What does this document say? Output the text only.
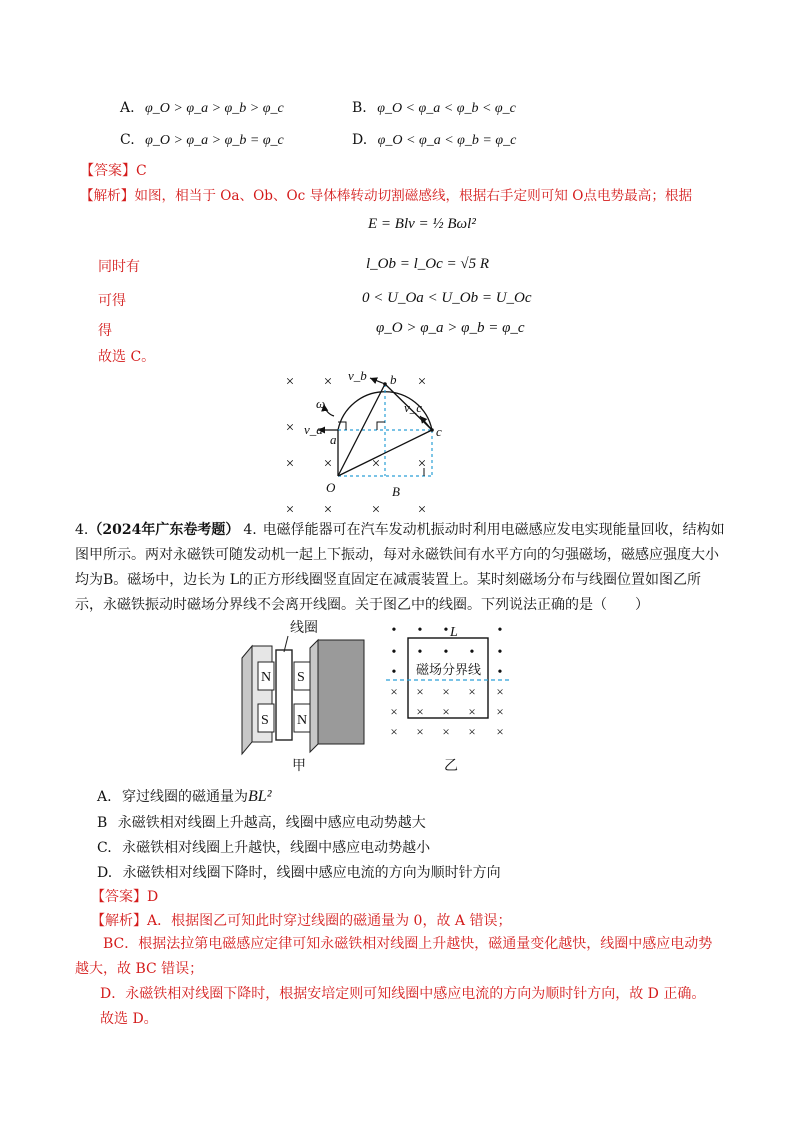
A. φ_O > φ_a > φ_b > φ_c	B. φ_O < φ_a < φ_b < φ_c
C. φ_O > φ_a > φ_b = φ_c	D. φ_O < φ_a < φ_b = φ_c
【答案】C
【解析】如图，相当于 Oa、Ob、Oc 导体棒转动切割磁感线，根据右手定则可知 O点电势最高；根据
E = Blv = ½ Bωl²
同时有	l_Ob = l_Oc = √5 R
可得	0 < U_Oa < U_Ob = U_Oc
得	φ_O > φ_a > φ_b = φ_c
故选 C。
× ×	×
×
× ×	×	×
× ×	×	×
v_b b
ω	v_c
c
v_a
a
O	B
4.（2024年广东卷考题） 4. 电磁俘能器可在汽车发动机振动时利用电磁感应发电实现能量回收，结构如图甲所示。两对永磁铁可随发动机一起上下振动，每对永磁铁间有水平方向的匀强磁场，磁感应强度大小均为B。磁场中，边长为 L的正方形线圈竖直固定在减震装置上。某时刻磁场分布与线圈位置如图乙所示，永磁铁振动时磁场分界线不会离开线圈。关于图乙中的线圈。下列说法正确的是（　　）
线圈
N
S
S
N
甲
• • •	•
• • • • •
•	•
× × × × ×
× × × × ×
× × × × ×
L
磁场分界线
乙
A. 穿过线圈的磁通量为BL²
B 永磁铁相对线圈上升越高，线圈中感应电动势越大
C. 永磁铁相对线圈上升越快，线圈中感应电动势越小
D. 永磁铁相对线圈下降时，线圈中感应电流的方向为顺时针方向
【答案】D
【解析】A．根据图乙可知此时穿过线圈的磁通量为 0，故 A 错误；
BC．根据法拉第电磁感应定律可知永磁铁相对线圈上升越快，磁通量变化越快，线圈中感应电动势越大，故 BC 错误；
D．永磁铁相对线圈下降时，根据安培定则可知线圈中感应电流的方向为顺时针方向，故 D 正确。
故选 D。
